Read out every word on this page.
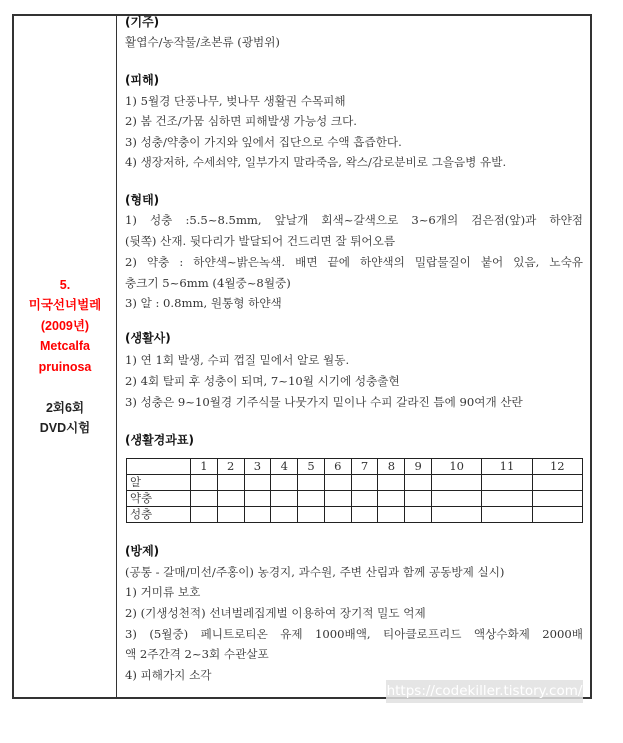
5.
미국선녀벌레
(2009년)
Metcalfa
pruinosa
2회6회
DVD시험
(기주)
활엽수/농작물/초본류 (광범위)
(피해)
1) 5월경 단풍나무, 벚나무 생활권 수목피해
2) 봄 건조/가뭄 심하면 피해발생 가능성 크다.
3) 성충/약충이 가지와 잎에서 집단으로 수액 흡즙한다.
4) 생장저하, 수세쇠약, 일부가지 말라죽음, 왁스/감로분비로 그을음병 유발.
(형태)
1) 성충 :5.5~8.5mm, 앞날개 회색~갈색으로 3~6개의 검은점(앞)과 하얀점
(뒷쪽) 산재. 뒷다리가 발달되어 건드리면 잘 튀어오름
2) 약충 : 하얀색~밝은녹색. 배면 끝에 하얀색의 밀랍물질이 붙어 있음, 노숙유
충크기 5~6mm (4월중~8월중)
3) 알 : 0.8mm, 원통형 하얀색
(생활사)
1) 연 1회 발생, 수피 껍질 밑에서 알로 월동.
2) 4회 탈피 후 성충이 되며, 7~10월 시기에 성충출현
3) 성충은 9~10월경 기주식물 나뭇가지 밑이나 수피 갈라진 틈에 90여개 산란
(생활경과표)
(방제)
(공통 - 갈매/미선/주홍이) 농경지, 과수원, 주변 산림과 함께 공동방제 실시)
1) 거미류 보호
2) (기생성천적) 선녀벌레집게벌 이용하여 장기적 밀도 억제
3) (5월중) 페니트로티온 유제 1000배액, 티아클로프리드 액상수화제 2000배
액 2주간격 2~3회 수관살포
4) 피해가지 소각
	1	2	3	4	5	6	7	8	9	10	11	12
알												
약충												
성충												
https://codekiller.tistory.com/
